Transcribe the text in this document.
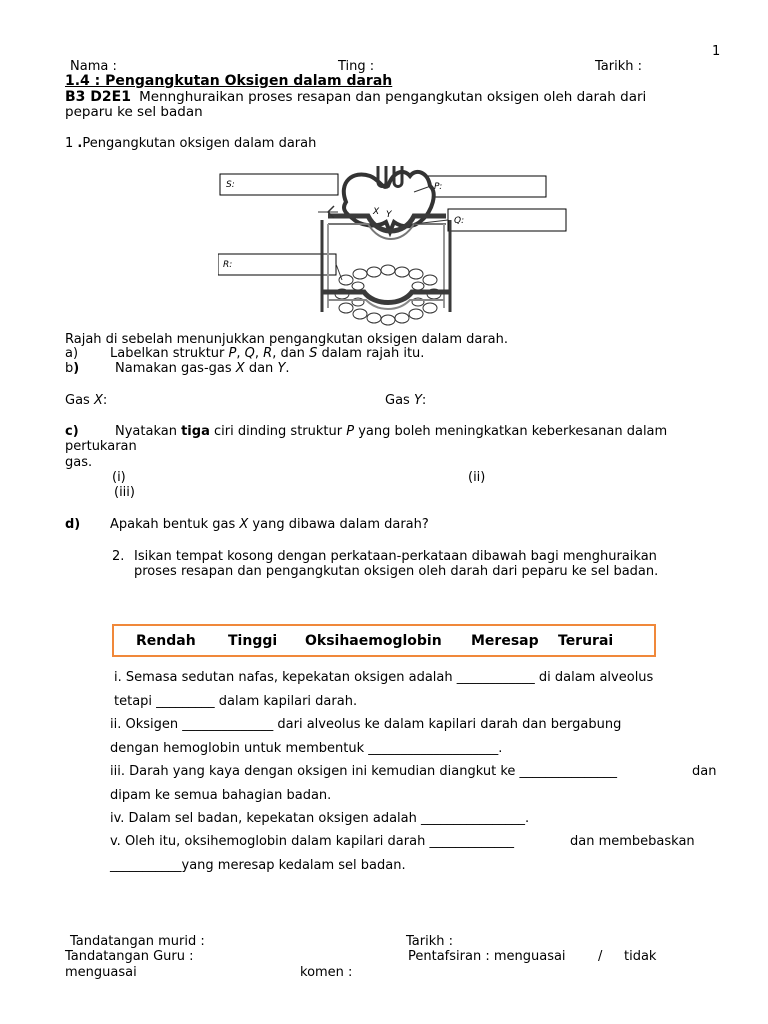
1
Nama :	Ting :	Tarikh :
1.4 : Pengangkutan Oksigen dalam darah
B3 D2E1 Mennghuraikan proses resapan dan pengangkutan oksigen oleh darah dari
peparu ke sel badan
1 .Pengangkutan oksigen dalam darah
S:	P:
Q:
R:
X Y
Rajah di sebelah menunjukkan pengangkutan oksigen dalam darah.
a) Labelkan struktur P, Q, R, dan S dalam rajah itu.
b)	Namakan gas-gas X dan Y.
Gas X:	Gas Y:
c)	Nyatakan tiga ciri dinding struktur P yang boleh meningkatkan keberkesanan dalam
pertukaran
gas.
(i)	(ii)
(iii)
d) Apakah bentuk gas X yang dibawa dalam darah?
2. Isikan tempat kosong dengan perkataan-perkataan dibawah bagi menghuraikan
proses resapan dan pengangkutan oksigen oleh darah dari peparu ke sel badan.
Rendah Tinggi Oksihaemoglobin Meresap Terurai
i. Semasa sedutan nafas, kepekatan oksigen adalah ____________ di dalam alveolus
tetapi _________ dalam kapilari darah.
ii. Oksigen ______________ dari alveolus ke dalam kapilari darah dan bergabung
dengan hemoglobin untuk membentuk ____________________.
iii. Darah yang kaya dengan oksigen ini kemudian diangkut ke _______________	dan
dipam ke semua bahagian badan.
iv. Dalam sel badan, kepekatan oksigen adalah ________________.
v. Oleh itu, oksihemoglobin dalam kapilari darah _____________	dan membebaskan
___________yang meresap kedalam sel badan.
Tandatangan murid :	Tarikh :
Tandatangan Guru :	Pentafsiran : menguasai / tidak
menguasai	komen :
